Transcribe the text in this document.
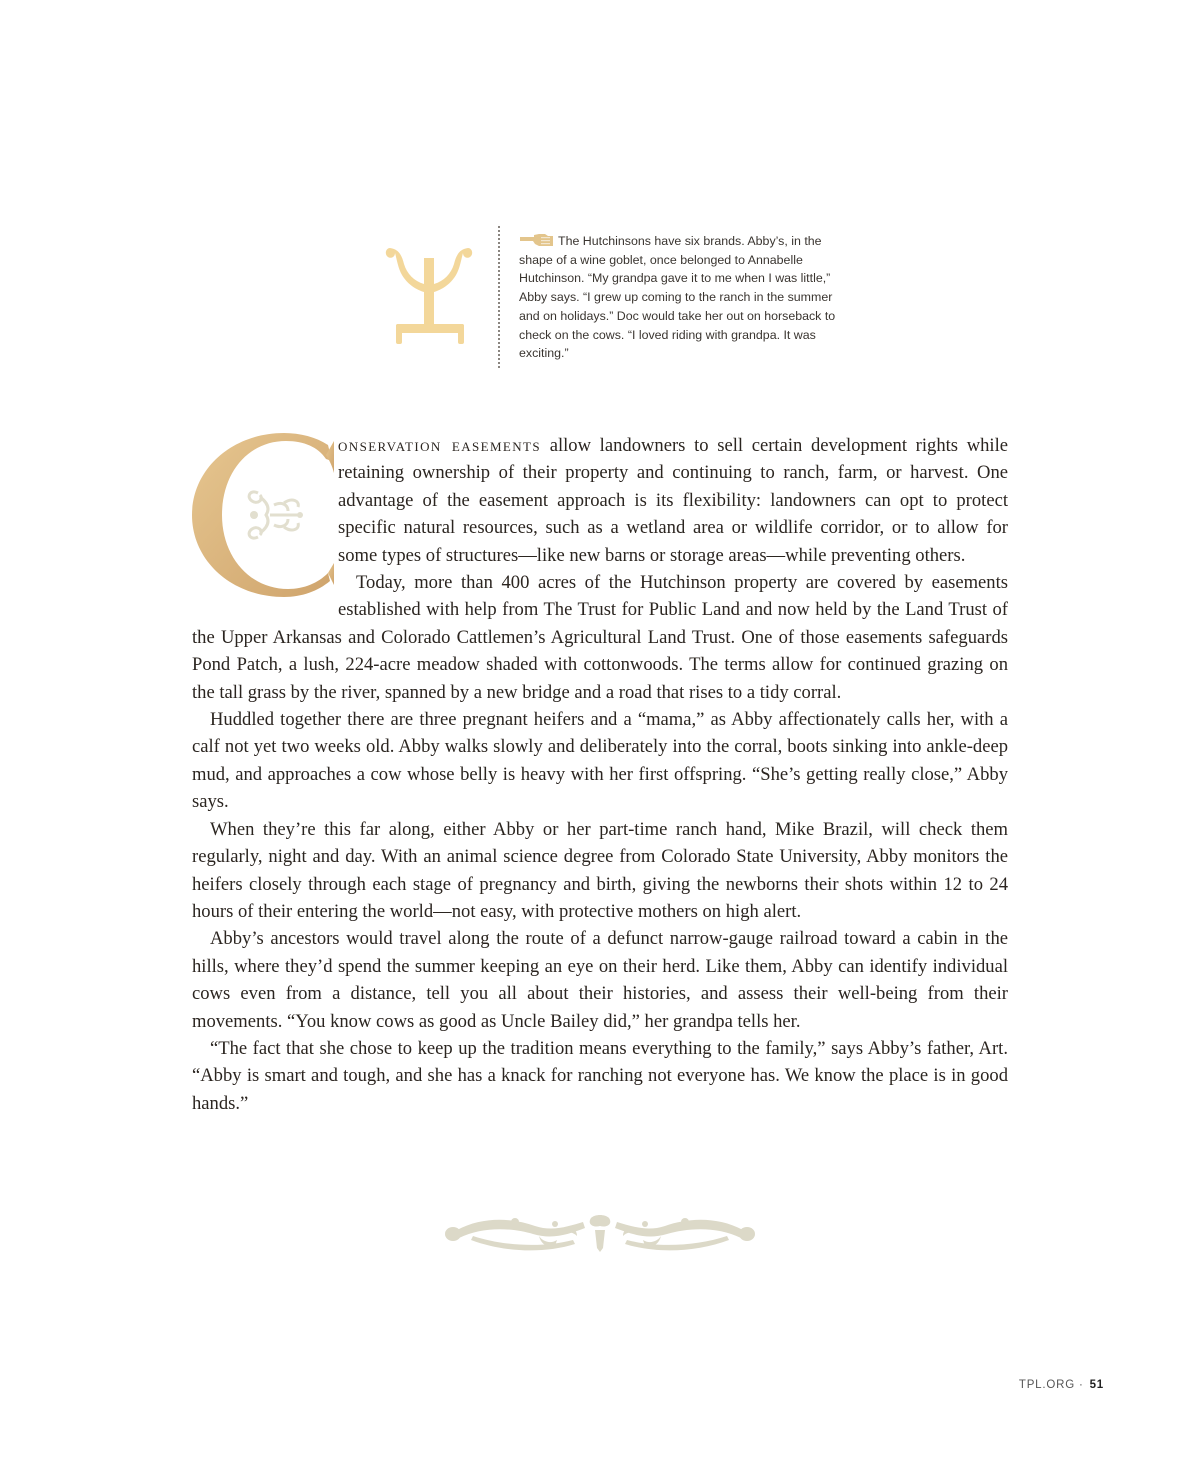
The Hutchinsons have six brands. Abby’s, in the shape of a wine goblet, once belonged to Annabelle Hutchinson. “My grandpa gave it to me when I was little,” Abby says. “I grew up coming to the ranch in the summer and on holidays.” Doc would take her out on horseback to check on the cows. “I loved riding with grandpa. It was exciting.”

onservation easements allow landowners to sell certain development rights while retaining ownership of their property and continuing to ranch, farm, or harvest. One advantage of the easement approach is its flexibility: landowners can opt to protect specific natural resources, such as a wetland area or wildlife corridor, or to allow for some types of structures—like new barns or storage areas—while preventing others.

Today, more than 400 acres of the Hutchinson property are covered by easements established with help from The Trust for Public Land and now held by the Land Trust of the Upper Arkansas and Colorado Cattlemen’s Agricultural Land Trust. One of those easements safeguards Pond Patch, a lush, 224-acre meadow shaded with cottonwoods. The terms allow for continued grazing on the tall grass by the river, spanned by a new bridge and a road that rises to a tidy corral.

Huddled together there are three pregnant heifers and a “mama,” as Abby affectionately calls her, with a calf not yet two weeks old. Abby walks slowly and deliberately into the corral, boots sinking into ankle-deep mud, and approaches a cow whose belly is heavy with her first offspring. “She’s getting really close,” Abby says.

When they’re this far along, either Abby or her part-time ranch hand, Mike Brazil, will check them regularly, night and day. With an animal science degree from Colorado State University, Abby monitors the heifers closely through each stage of pregnancy and birth, giving the newborns their shots within 12 to 24 hours of their entering the world—not easy, with protective mothers on high alert.

Abby’s ancestors would travel along the route of a defunct narrow-gauge railroad toward a cabin in the hills, where they’d spend the summer keeping an eye on their herd. Like them, Abby can identify individual cows even from a distance, tell you all about their histories, and assess their well-being from their movements. “You know cows as good as Uncle Bailey did,” her grandpa tells her.

“The fact that she chose to keep up the tradition means everything to the family,” says Abby’s father, Art. “Abby is smart and tough, and she has a knack for ranching not everyone has. We know the place is in good hands.”

TPL.ORG · 51
